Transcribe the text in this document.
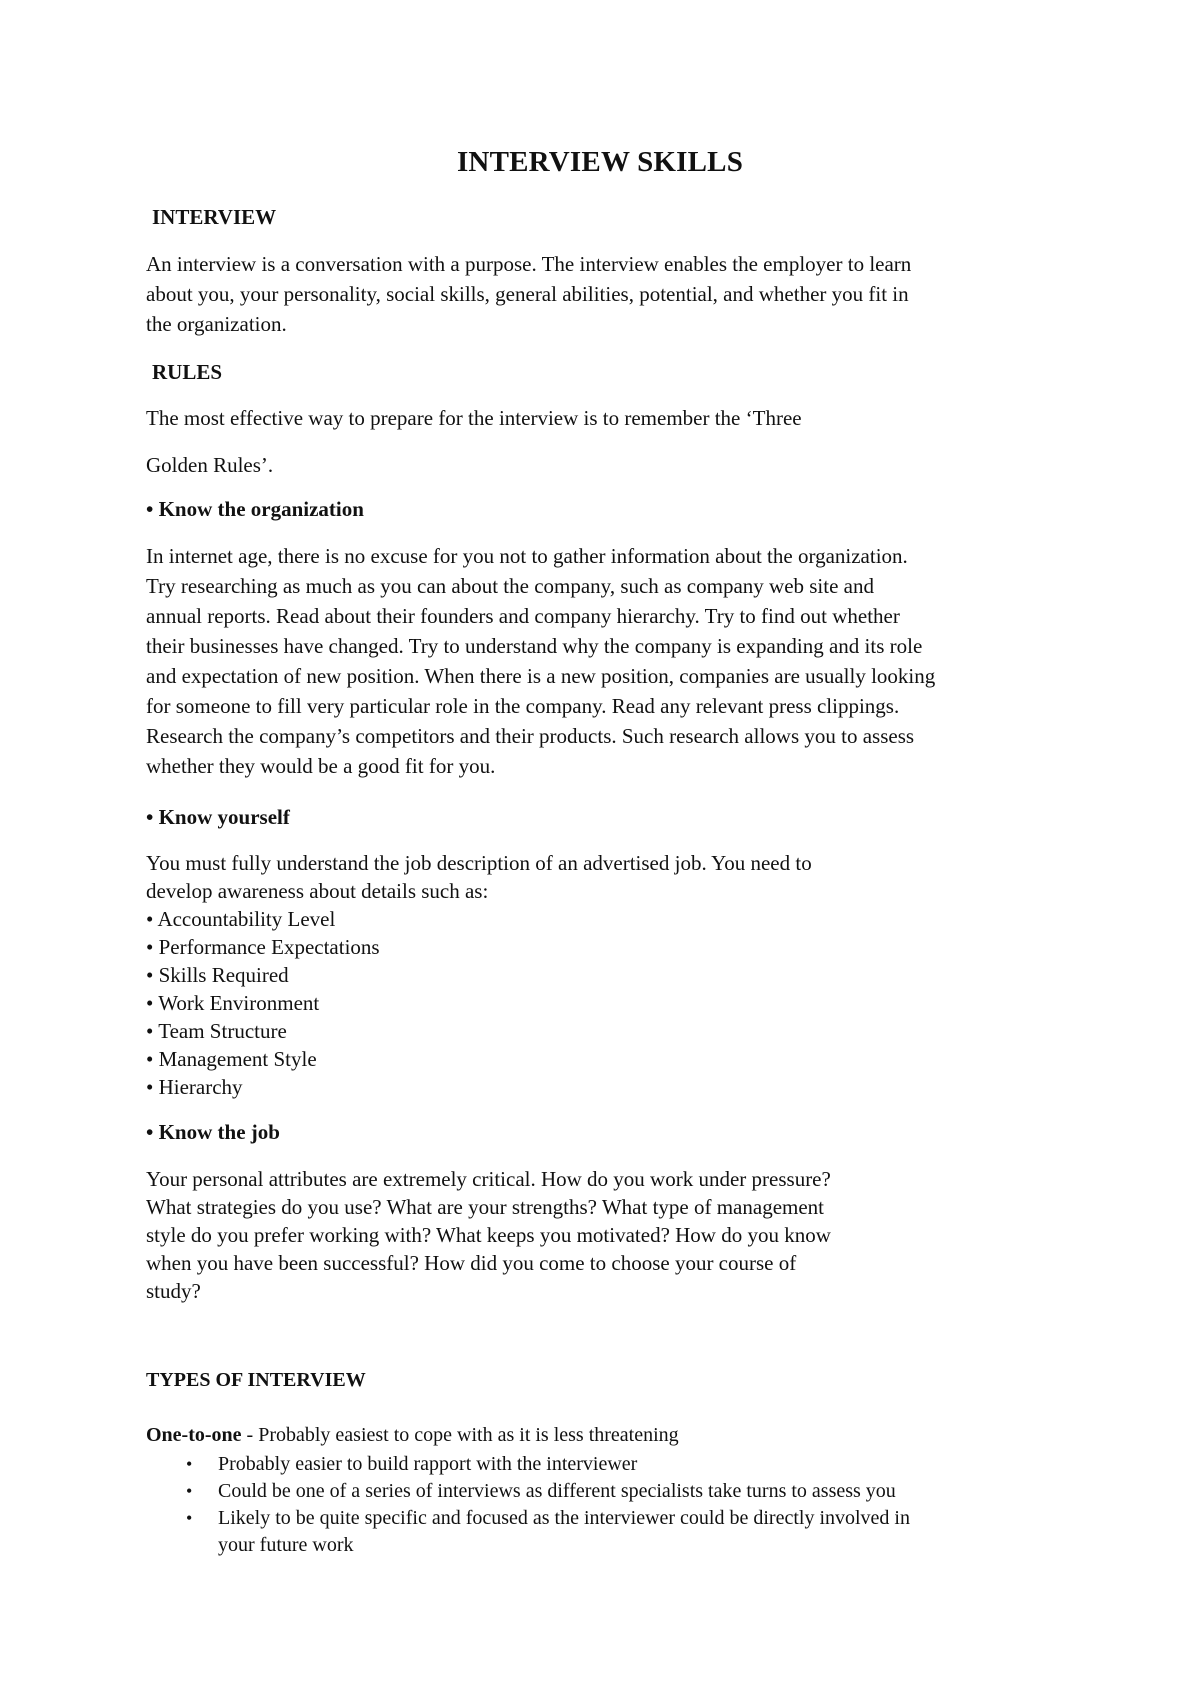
INTERVIEW SKILLS
INTERVIEW

An interview is a conversation with a purpose. The interview enables the employer to learn
about you, your personality, social skills, general abilities, potential, and whether you fit in
the organization.

RULES

The most effective way to prepare for the interview is to remember the ‘Three

Golden Rules’.

• Know the organization

In internet age, there is no excuse for you not to gather information about the organization.
Try researching as much as you can about the company, such as company web site and
annual reports. Read about their founders and company hierarchy. Try to find out whether
their businesses have changed. Try to understand why the company is expanding and its role
and expectation of new position. When there is a new position, companies are usually looking
for someone to fill very particular role in the company. Read any relevant press clippings.
Research the company’s competitors and their products. Such research allows you to assess
whether they would be a good fit for you.

• Know yourself

You must fully understand the job description of an advertised job. You need to
develop awareness about details such as:

• Accountability Level
• Performance Expectations
• Skills Required
• Work Environment
• Team Structure
• Management Style
• Hierarchy
• Know the job

Your personal attributes are extremely critical. How do you work under pressure?
What strategies do you use? What are your strengths? What type of management
style do you prefer working with? What keeps you motivated? How do you know
when you have been successful? How did you come to choose your course of
study?

TYPES OF INTERVIEW

One-to-one - Probably easiest to cope with as it is less threatening

• Probably easier to build rapport with the interviewer
• Could be one of a series of interviews as different specialists take turns to assess you
• Likely to be quite specific and focused as the interviewer could be directly involved in
your future work
